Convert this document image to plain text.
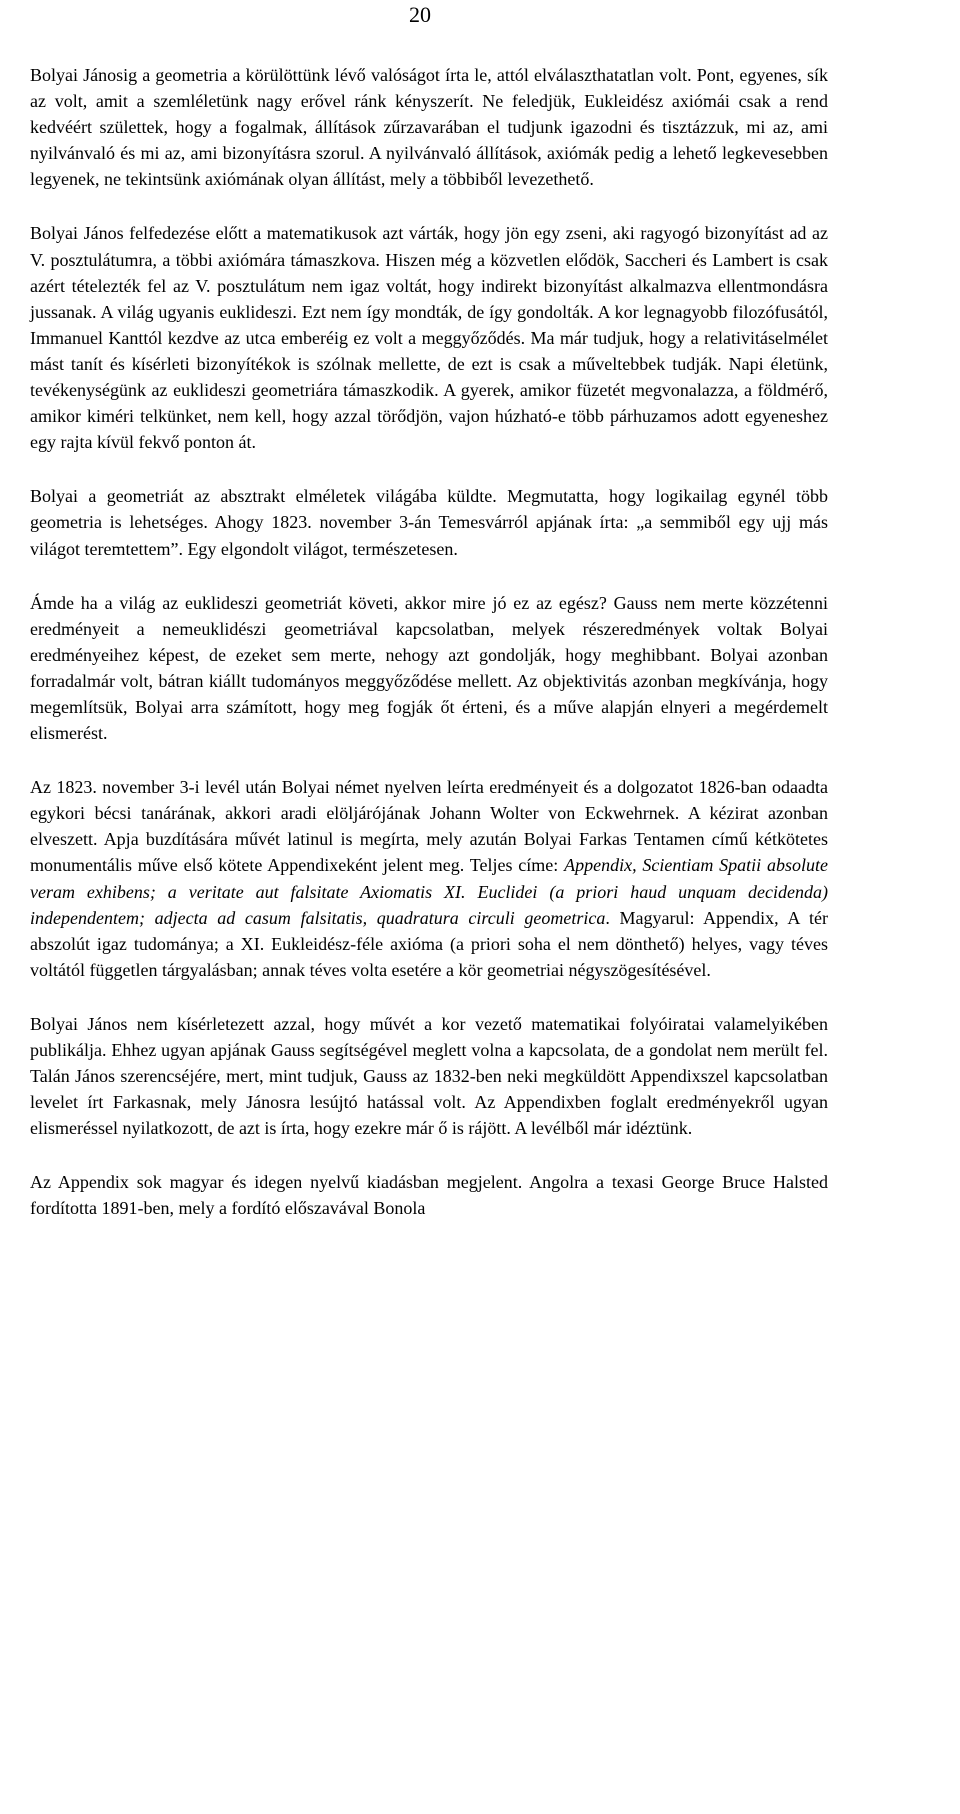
20

Bolyai Jánosig a geometria a körülöttünk lévő valóságot írta le, attól elválaszthatatlan volt. Pont, egyenes, sík az volt, amit a szemléletünk nagy erővel ránk kényszerít. Ne feledjük, Eukleidész axiómái csak a rend kedvéért születtek, hogy a fogalmak, állítások zűrzavarában el tudjunk igazodni és tisztázzuk, mi az, ami nyilvánvaló és mi az, ami bizonyításra szorul. A nyilvánvaló állítások, axiómák pedig a lehető legkevesebben legyenek, ne tekintsünk axiómának olyan állítást, mely a többiből levezethető.

Bolyai János felfedezése előtt a matematikusok azt várták, hogy jön egy zseni, aki ragyogó bizonyítást ad az V. posztulátumra, a többi axiómára támaszkova. Hiszen még a közvetlen elődök, Saccheri és Lambert is csak azért tételezték fel az V. posztulátum nem igaz voltát, hogy indirekt bizonyítást alkalmazva ellentmondásra jussanak. A világ ugyanis euklideszi. Ezt nem így mondták, de így gondolták. A kor legnagyobb filozófusától, Immanuel Kanttól kezdve az utca emberéig ez volt a meggyőződés. Ma már tudjuk, hogy a relativitáselmélet mást tanít és kísérleti bizonyítékok is szólnak mellette, de ezt is csak a műveltebbek tudják. Napi életünk, tevékenységünk az euklideszi geometriára támaszkodik. A gyerek, amikor füzetét megvonalazza, a földmérő, amikor kiméri telkünket, nem kell, hogy azzal törődjön, vajon húzható-e több párhuzamos adott egyeneshez egy rajta kívül fekvő ponton át.

Bolyai a geometriát az absztrakt elméletek világába küldte. Megmutatta, hogy logikailag egynél több geometria is lehetséges. Ahogy 1823. november 3-án Temesvárról apjának írta: „a semmiből egy ujj más világot teremtettem”. Egy elgondolt világot, természetesen.

Ámde ha a világ az euklideszi geometriát követi, akkor mire jó ez az egész? Gauss nem merte közzétenni eredményeit a nemeuklidészi geometriával kapcsolatban, melyek részeredmények voltak Bolyai eredményeihez képest, de ezeket sem merte, nehogy azt gondolják, hogy meghibbant. Bolyai azonban forradalmár volt, bátran kiállt tudományos meggyőződése mellett. Az objektivitás azonban megkívánja, hogy megemlítsük, Bolyai arra számított, hogy meg fogják őt érteni, és a műve alapján elnyeri a megérdemelt elismerést.

Az 1823. november 3-i levél után Bolyai német nyelven leírta eredményeit és a dolgozatot 1826-ban odaadta egykori bécsi tanárának, akkori aradi elöljárójának Johann Wolter von Eckwehrnek. A kézirat azonban elveszett. Apja buzdítására művét latinul is megírta, mely azután Bolyai Farkas Tentamen című kétkötetes monumentális műve első kötete Appendixeként jelent meg. Teljes címe: Appendix, Scientiam Spatii absolute veram exhibens; a veritate aut falsitate Axiomatis XI. Euclidei (a priori haud unquam decidenda) independentem; adjecta ad casum falsitatis, quadratura circuli geometrica. Magyarul: Appendix, A tér abszolút igaz tudománya; a XI. Eukleidész-féle axióma (a priori soha el nem dönthető) helyes, vagy téves voltától független tárgyalásban; annak téves volta esetére a kör geometriai négyszögesítésével.

Bolyai János nem kísérletezett azzal, hogy művét a kor vezető matematikai folyóiratai valamelyikében publikálja. Ehhez ugyan apjának Gauss segítségével meglett volna a kapcsolata, de a gondolat nem merült fel. Talán János szerencséjére, mert, mint tudjuk, Gauss az 1832-ben neki megküldött Appendixszel kapcsolatban levelet írt Farkasnak, mely Jánosra lesújtó hatással volt. Az Appendixben foglalt eredményekről ugyan elismeréssel nyilatkozott, de azt is írta, hogy ezekre már ő is rájött. A levélből már idéztünk.

Az Appendix sok magyar és idegen nyelvű kiadásban megjelent. Angolra a texasi George Bruce Halsted fordította 1891-ben, mely a fordító előszavával Bonola
